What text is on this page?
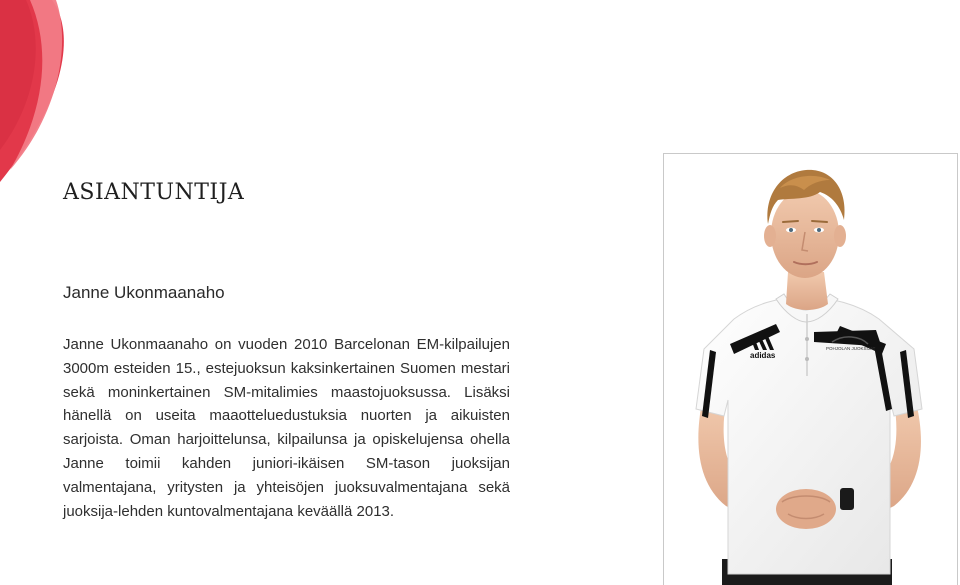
ASIANTUNTIJA

Janne Ukonmaanaho

Janne Ukonmaanaho on vuoden 2010 Barcelonan EM-kilpailujen 3000m esteiden 15., estejuoksun kaksinkertainen Suomen mestari sekä moninkertainen SM-mitalimies maastojuoksussa. Lisäksi hänellä on useita maaotteluedustuksia nuorten ja aikuisten sarjoista. Oman harjoittelunsa, kilpailunsa ja opiskelujensa ohella Janne toimii kahden juniori-ikäisen SM-tason juoksijan valmentajana, yritysten ja yhteisöjen juoksuvalmentajana sekä juoksija-lehden kuntovalmentajana keväällä 2013.

adidas
POHJOLAN JUOKSIJAT
